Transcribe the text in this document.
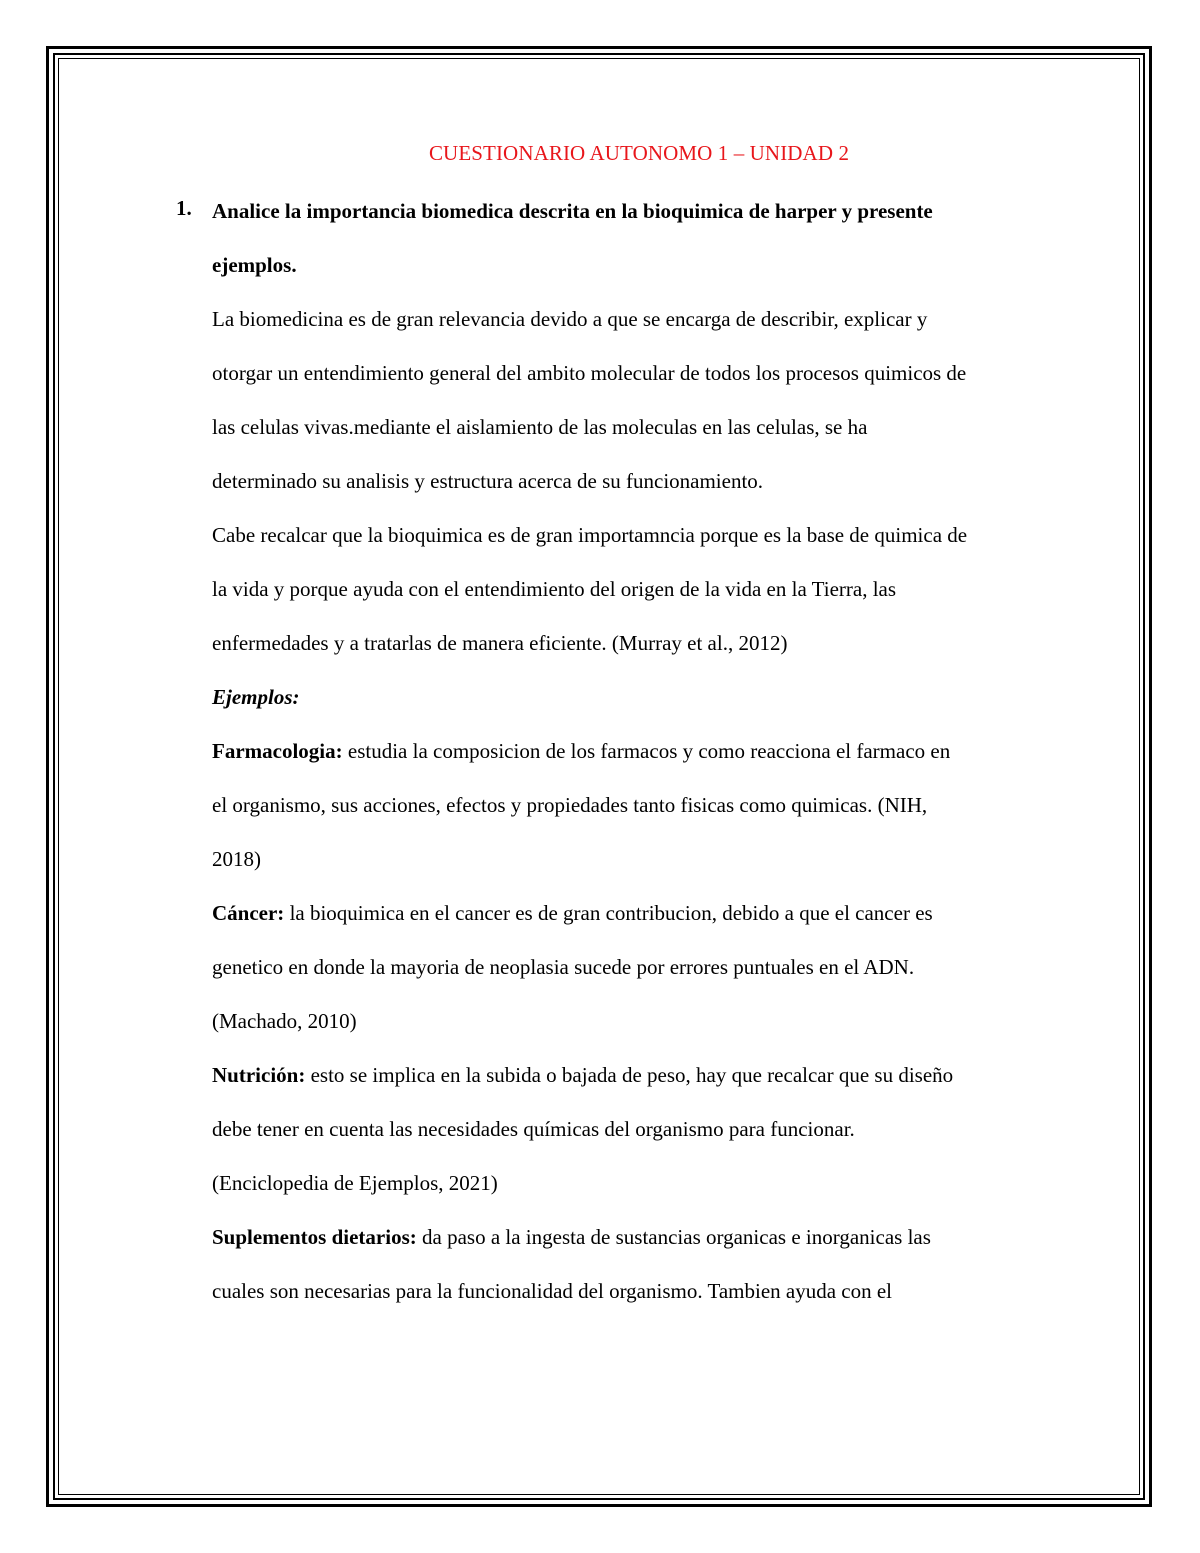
CUESTIONARIO AUTONOMO 1 – UNIDAD 2
1. Analice la importancia biomedica descrita en la bioquimica de harper y presente
ejemplos.
La biomedicina es de gran relevancia devido a que se encarga de describir, explicar y
otorgar un entendimiento general del ambito molecular de todos los procesos quimicos de
las celulas vivas.mediante el aislamiento de las moleculas en las celulas, se ha
determinado su analisis y estructura acerca de su funcionamiento.
Cabe recalcar que la bioquimica es de gran importamncia porque es la base de quimica de
la vida y porque ayuda con el entendimiento del origen de la vida en la Tierra, las
enfermedades y a tratarlas de manera eficiente. (Murray et al., 2012)
Ejemplos:
Farmacologia: estudia la composicion de los farmacos y como reacciona el farmaco en
el organismo, sus acciones, efectos y propiedades tanto fisicas como quimicas. (NIH,
2018)
Cáncer: la bioquimica en el cancer es de gran contribucion, debido a que el cancer es
genetico en donde la mayoria de neoplasia sucede por errores puntuales en el ADN.
(Machado, 2010)
Nutrición: esto se implica en la subida o bajada de peso, hay que recalcar que su diseño
debe tener en cuenta las necesidades químicas del organismo para funcionar.
(Enciclopedia de Ejemplos, 2021)
Suplementos dietarios: da paso a la ingesta de sustancias organicas e inorganicas las
cuales son necesarias para la funcionalidad del organismo. Tambien ayuda con el
